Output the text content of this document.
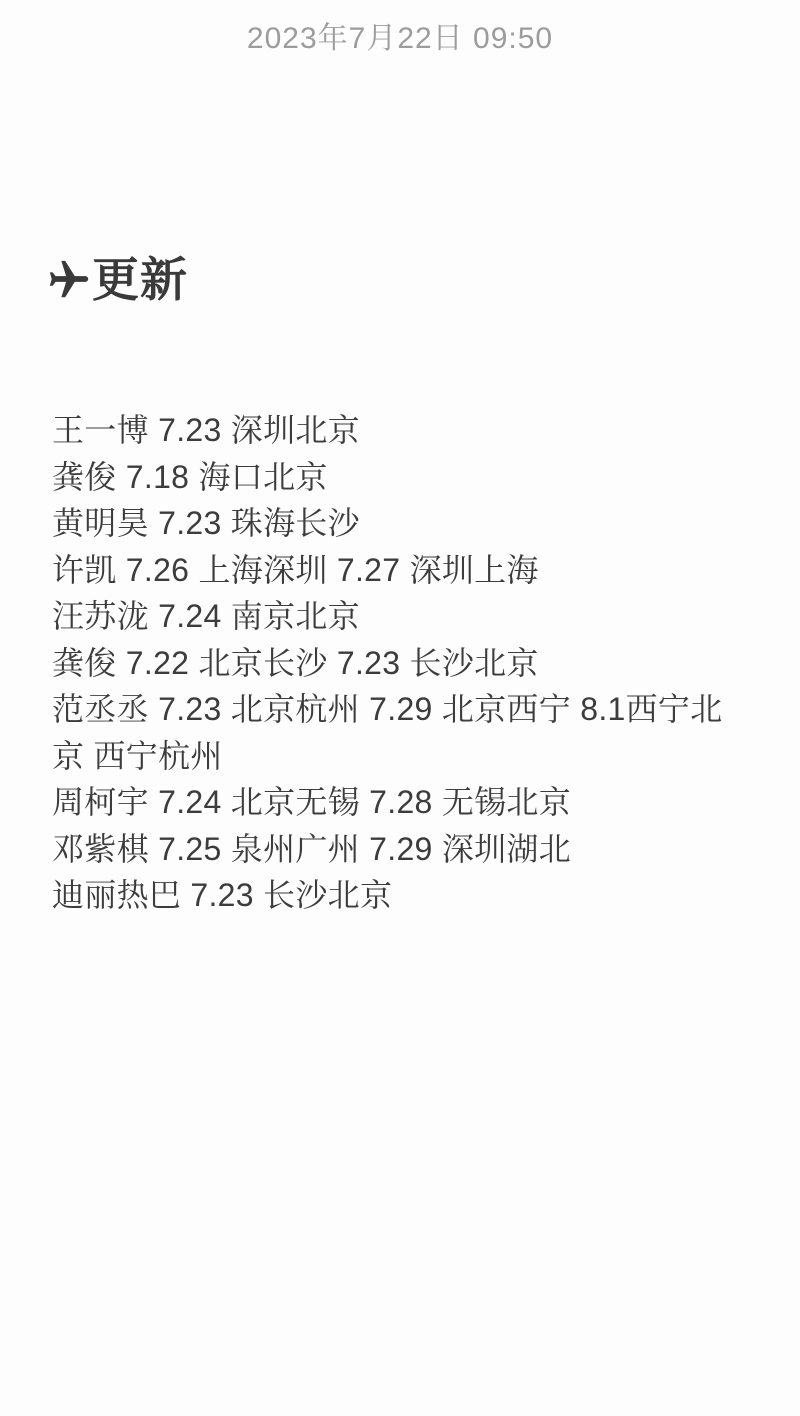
2023年7月22日 09:50
更新

王一博 7.23 深圳北京

龚俊 7.18 海口北京

黄明昊 7.23 珠海长沙

许凯 7.26 上海深圳 7.27 深圳上海

汪苏泷 7.24 南京北京

龚俊 7.22 北京长沙 7.23 长沙北京

范丞丞 7.23 北京杭州 7.29 北京西宁 8.1西宁北京 西宁杭州

周柯宇 7.24 北京无锡 7.28 无锡北京

邓紫棋 7.25 泉州广州 7.29 深圳湖北

迪丽热巴 7.23 长沙北京
